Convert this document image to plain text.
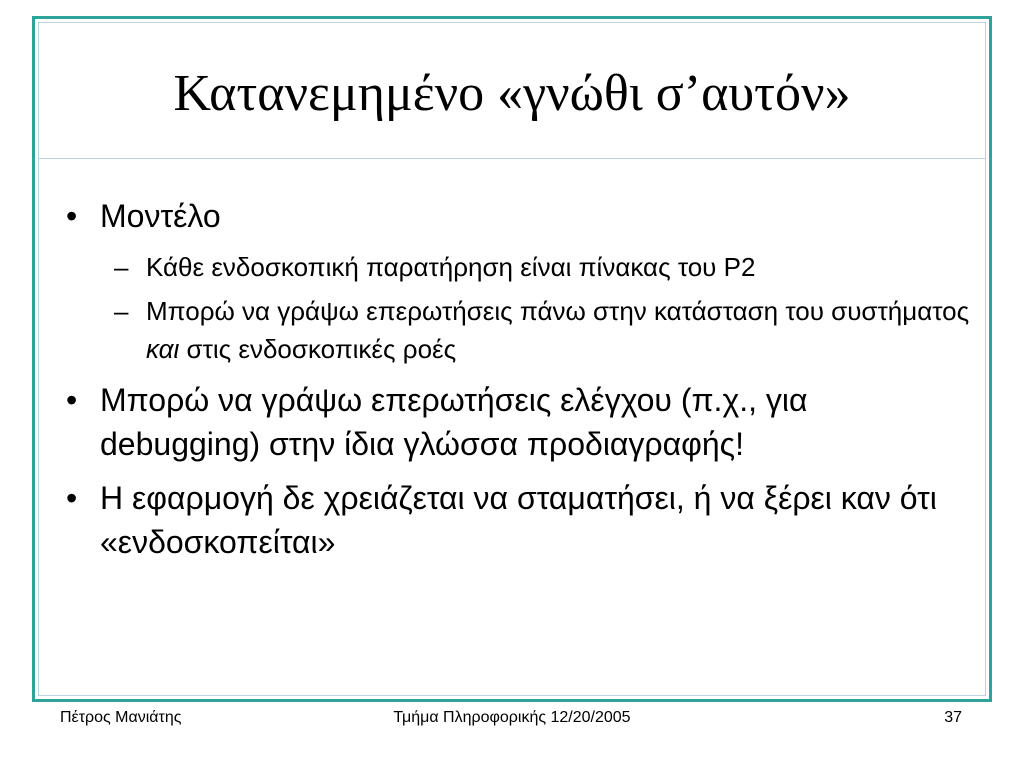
Κατανεμημένο «γνώθι σ’αυτόν»
• Μοντέλο
– Κάθε ενδοσκοπική παρατήρηση είναι πίνακας του P2
– Μπορώ να γράψω επερωτήσεις πάνω στην κατάσταση του συστήματος και στις ενδοσκοπικές ροές
• Μπορώ να γράψω επερωτήσεις ελέγχου (π.χ., για debugging) στην ίδια γλώσσα προδιαγραφής!
• Η εφαρμογή δε χρειάζεται να σταματήσει, ή να ξέρει καν ότι «ενδοσκοπείται»
Πέτρος Μανιάτης	Τμήμα Πληροφορικής 12/20/2005	37
